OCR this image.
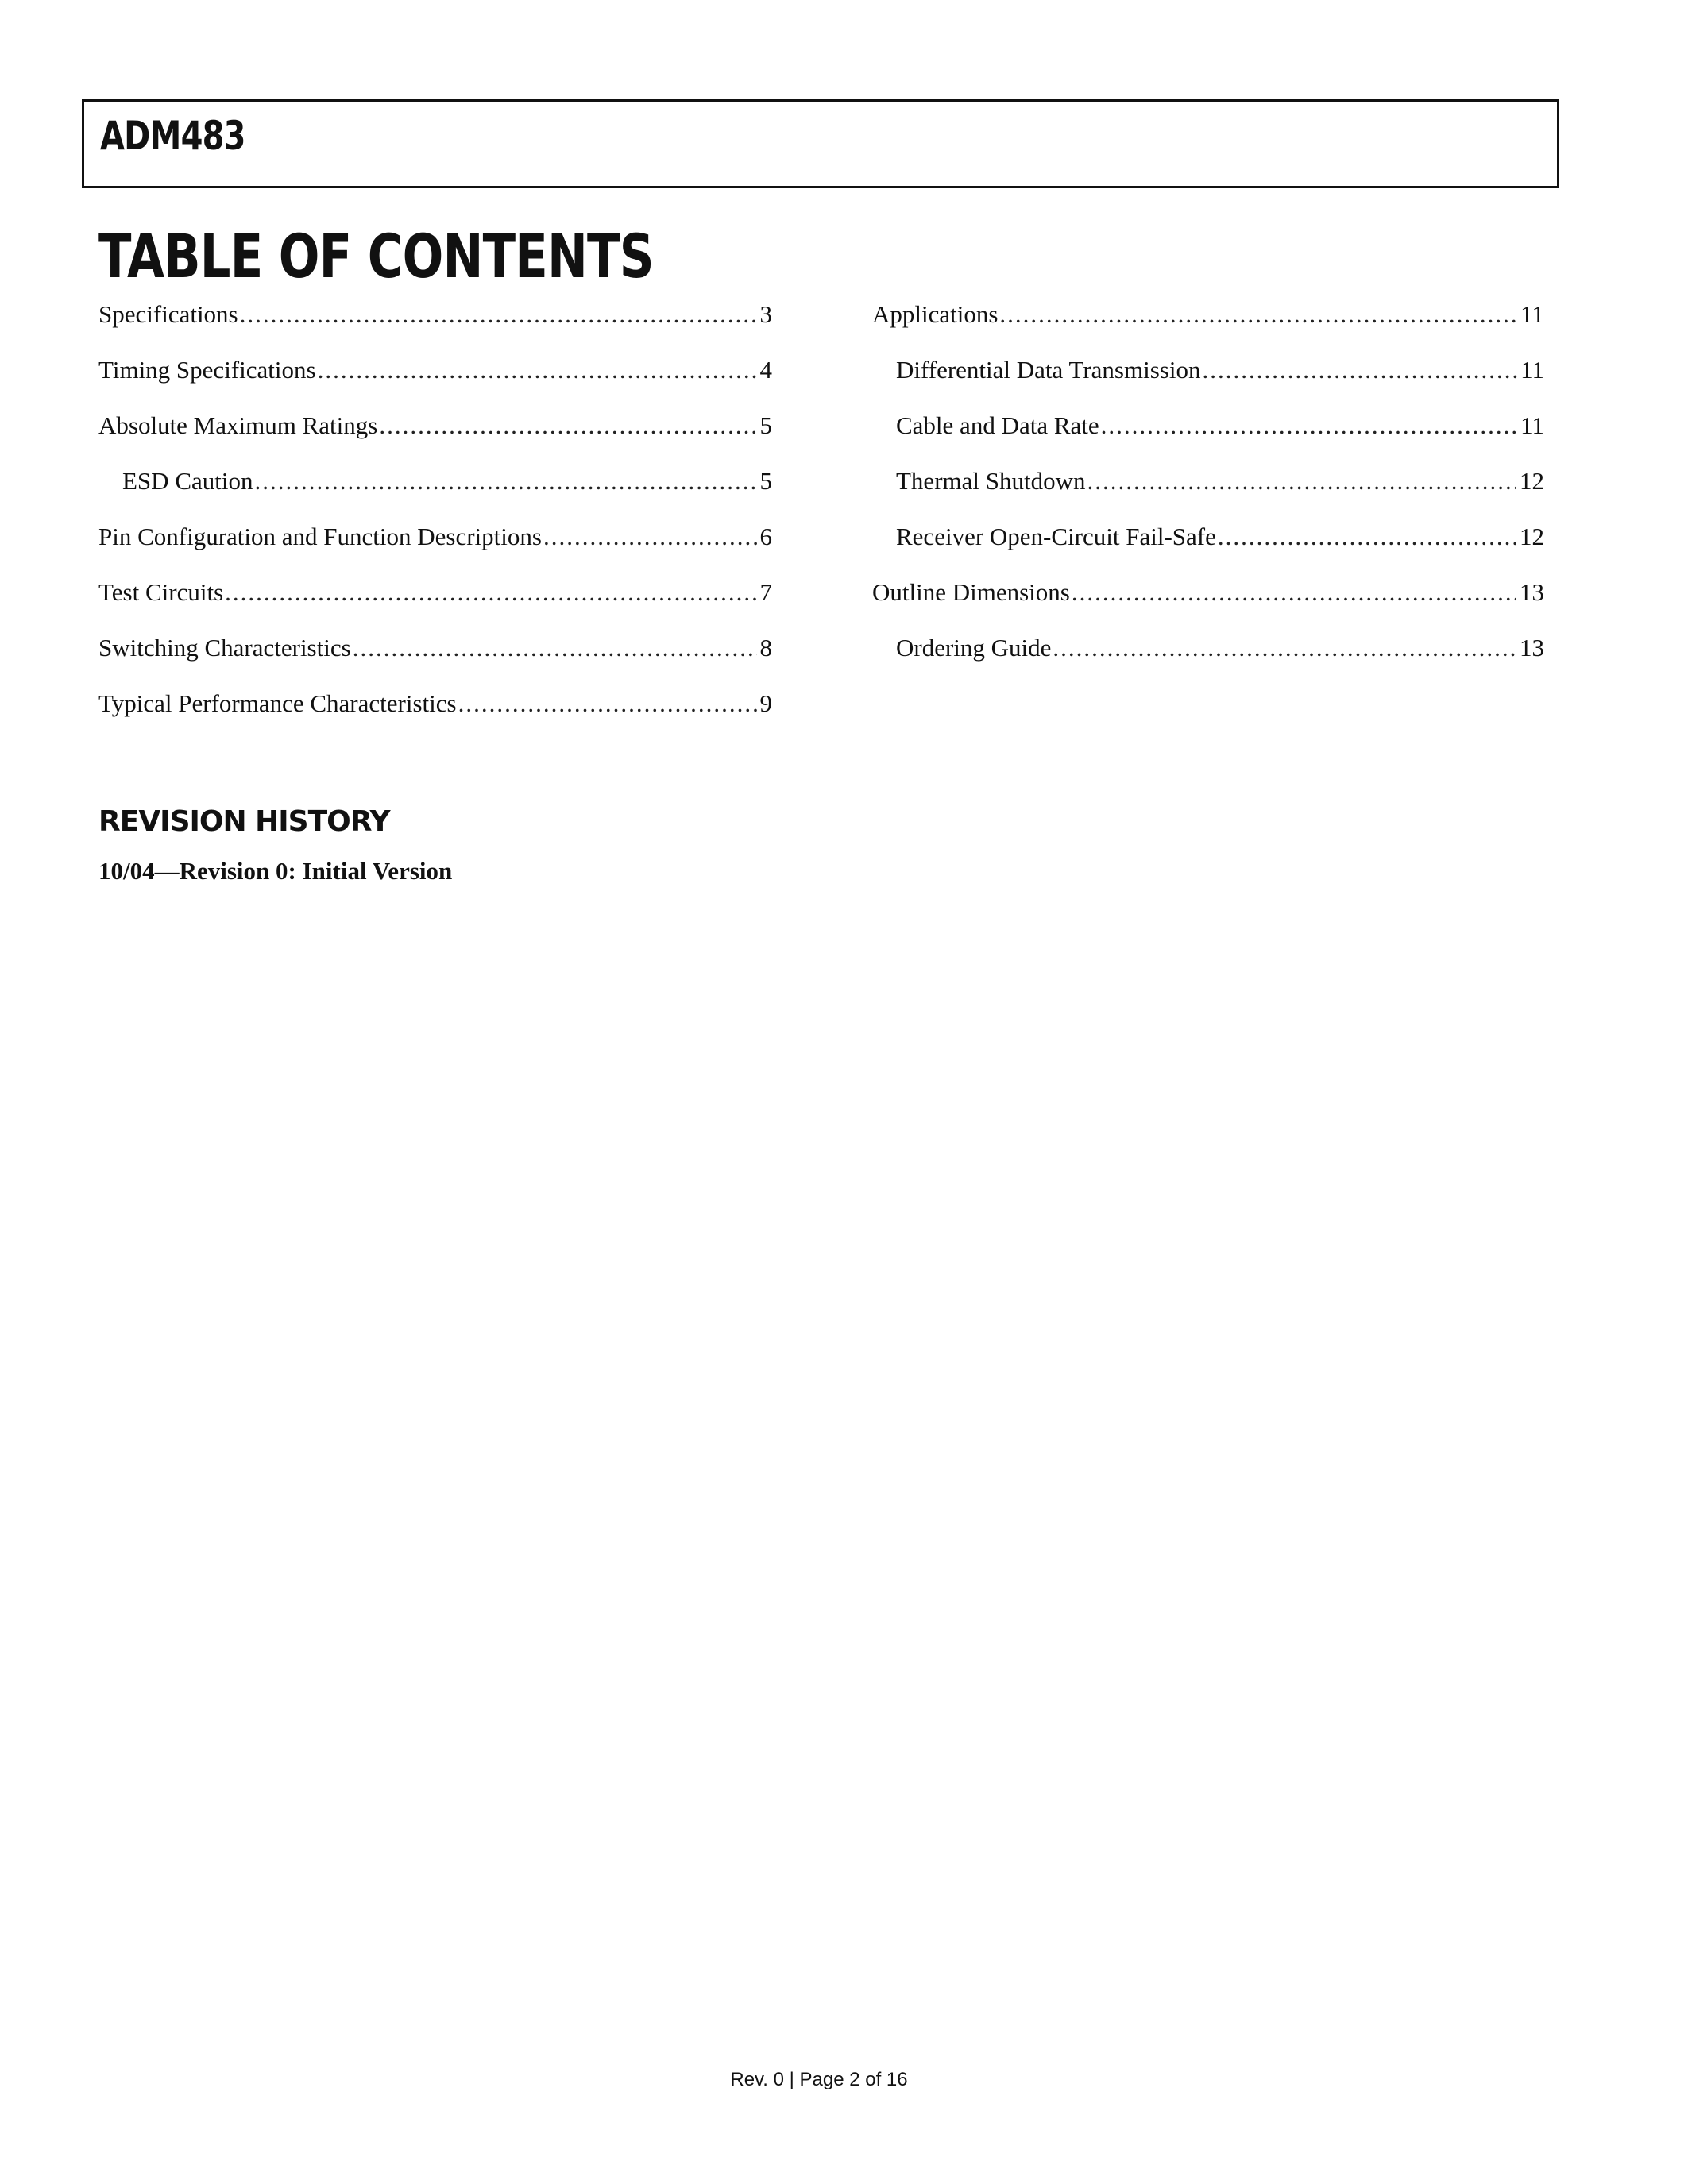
ADM483
TABLE OF CONTENTS
Specifications .....	3
Timing Specifications .....	4
Absolute Maximum Ratings .....	5
ESD Caution .....	5
Pin Configuration and Function Descriptions .....	6
Test Circuits .....	7
Switching Characteristics .....	8
Typical Performance Characteristics .....	9
Applications .....	11
Differential Data Transmission .....	11
Cable and Data Rate .....	11
Thermal Shutdown .....	12
Receiver Open-Circuit Fail-Safe .....	12
Outline Dimensions .....	13
Ordering Guide .....	13
REVISION HISTORY
10/04—Revision 0: Initial Version
Rev. 0 | Page 2 of 16
